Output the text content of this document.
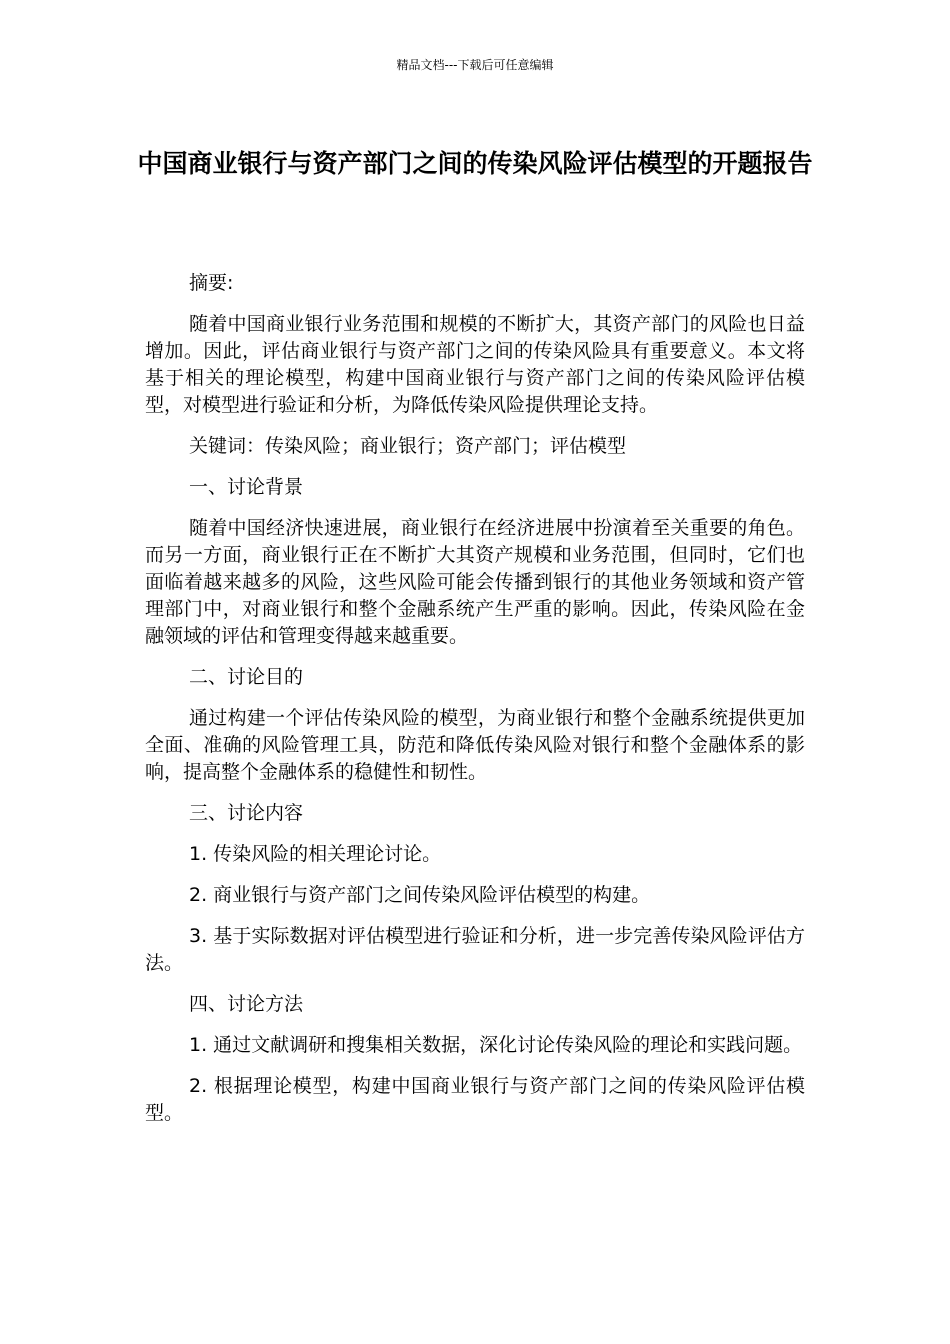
精品文档---下载后可任意编辑
中国商业银行与资产部门之间的传染风险评估模型的开题报告

摘要:

随着中国商业银行业务范围和规模的不断扩大，其资产部门的风险也日益增加。因此，评估商业银行与资产部门之间的传染风险具有重要意义。本文将基于相关的理论模型，构建中国商业银行与资产部门之间的传染风险评估模型，对模型进行验证和分析，为降低传染风险提供理论支持。

关键词：传染风险；商业银行；资产部门；评估模型

一、讨论背景

随着中国经济快速进展，商业银行在经济进展中扮演着至关重要的角色。而另一方面，商业银行正在不断扩大其资产规模和业务范围，但同时，它们也面临着越来越多的风险，这些风险可能会传播到银行的其他业务领域和资产管理部门中，对商业银行和整个金融系统产生严重的影响。因此，传染风险在金融领域的评估和管理变得越来越重要。

二、讨论目的

通过构建一个评估传染风险的模型，为商业银行和整个金融系统提供更加全面、准确的风险管理工具，防范和降低传染风险对银行和整个金融体系的影响，提高整个金融体系的稳健性和韧性。

三、讨论内容

1. 传染风险的相关理论讨论。

2. 商业银行与资产部门之间传染风险评估模型的构建。

3. 基于实际数据对评估模型进行验证和分析，进一步完善传染风险评估方法。

四、讨论方法

1. 通过文献调研和搜集相关数据，深化讨论传染风险的理论和实践问题。

2. 根据理论模型，构建中国商业银行与资产部门之间的传染风险评估模型。
